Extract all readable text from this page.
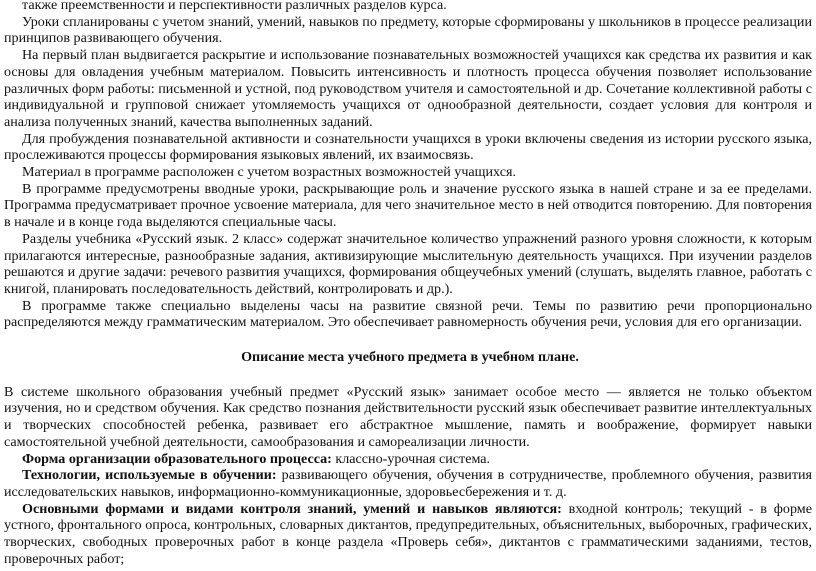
также преемственности и перспективности различных разделов курса.

Уроки спланированы с учетом знаний, умений, навыков по предмету, которые сформированы у школьников в процессе реализации принципов развивающего обучения.

На первый план выдвигается раскрытие и использование познавательных возможностей учащихся как средства их развития и как основы для овладения учебным материалом. Повысить интенсивность и плотность процесса обучения позволяет использование различных форм работы: письменной и устной, под руководством учителя и самостоятельной и др. Сочетание коллективной работы с индивидуальной и групповой снижает утомляемость учащихся от однообразной деятельности, создает условия для контроля и анализа полученных знаний, качества выполненных заданий.

Для пробуждения познавательной активности и сознательности учащихся в уроки включены сведения из истории русского языка, прослеживаются процессы формирования языковых явлений, их взаимосвязь.

Материал в программе расположен с учетом возрастных возможностей учащихся.

В программе предусмотрены вводные уроки, раскрывающие роль и значение русского языка в нашей стране и за ее пределами. Программа предусматривает прочное усвоение материала, для чего значительное место в ней отводится повторению. Для повторения в начале и в конце года выделяются специальные часы.

Разделы учебника «Русский язык. 2 класс» содержат значительное количество упражнений разного уровня сложности, к которым прилагаются интересные, разнообразные задания, активизирующие мыслительную деятельность учащихся. При изучении разделов решаются и другие задачи: речевого развития учащихся, формирования общеучебных умений (слушать, выделять главное, работать с книгой, планировать последовательность действий, контролировать и др.).

В программе также специально выделены часы на развитие связной речи. Темы по развитию речи пропорционально распределяются между грамматическим материалом. Это обеспечивает равномерность обучения речи, условия для его организации.

Описание места учебного предмета в учебном плане.

В системе школьного образования учебный предмет «Русский язык» занимает особое место — является не только объектом изучения, но и средством обучения. Как средство познания действительности русский язык обеспечивает развитие интеллектуальных и творческих способностей ребенка, развивает его абстрактное мышление, память и воображение, формирует навыки самостоятельной учебной деятельности, самообразования и самореализации личности.

Форма организации образовательного процесса: классно-урочная система.

Технологии, используемые в обучении: развивающего обучения, обучения в сотрудничестве, проблемного обучения, развития исследовательских навыков, информационно-коммуникационные, здоровьесбережения и т. д.

Основными формами и видами контроля знаний, умений и навыков являются: входной контроль; текущий - в форме устного, фронтального опроса, контрольных, словарных диктантов, предупредительных, объяснительных, выборочных, графических, творческих, свободных проверочных работ в конце раздела «Проверь себя», диктантов с грамматическими заданиями, тестов, проверочных работ;
